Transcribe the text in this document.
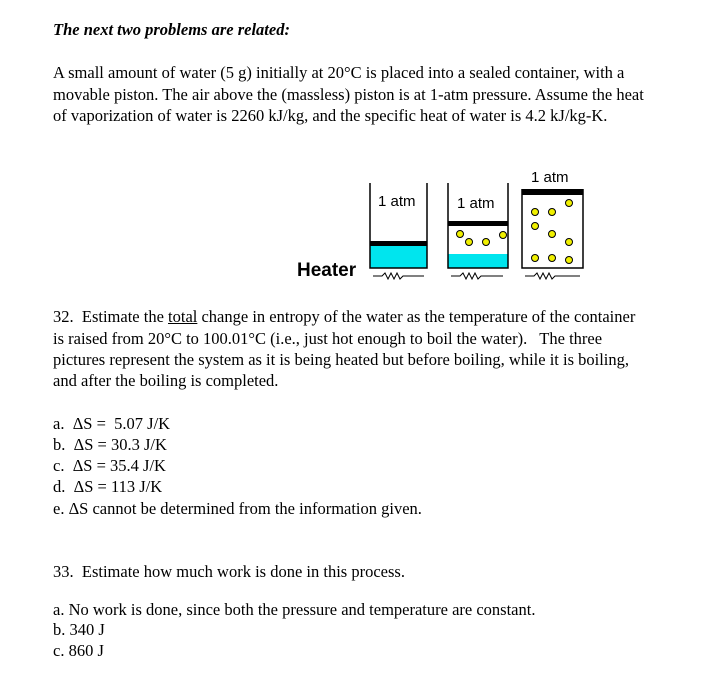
The next two problems are related:
A small amount of water (5 g) initially at 20°C is placed into a sealed container, with a
movable piston. The air above the (massless) piston is at 1-atm pressure. Assume the heat
of vaporization of water is 2260 kJ/kg, and the specific heat of water is 4.2 kJ/kg-K.
1 atm	1 atm
1 atm
Heater
32.  Estimate the total change in entropy of the water as the temperature of the container
is raised from 20°C to 100.01°C (i.e., just hot enough to boil the water).   The three
pictures represent the system as it is being heated but before boiling, while it is boiling,
and after the boiling is completed.
a.  ΔS =  5.07 J/K
b.  ΔS = 30.3 J/K
c.  ΔS = 35.4 J/K
d.  ΔS = 113 J/K
e. ΔS cannot be determined from the information given.
33.  Estimate how much work is done in this process.
a. No work is done, since both the pressure and temperature are constant.
b. 340 J
c. 860 J
